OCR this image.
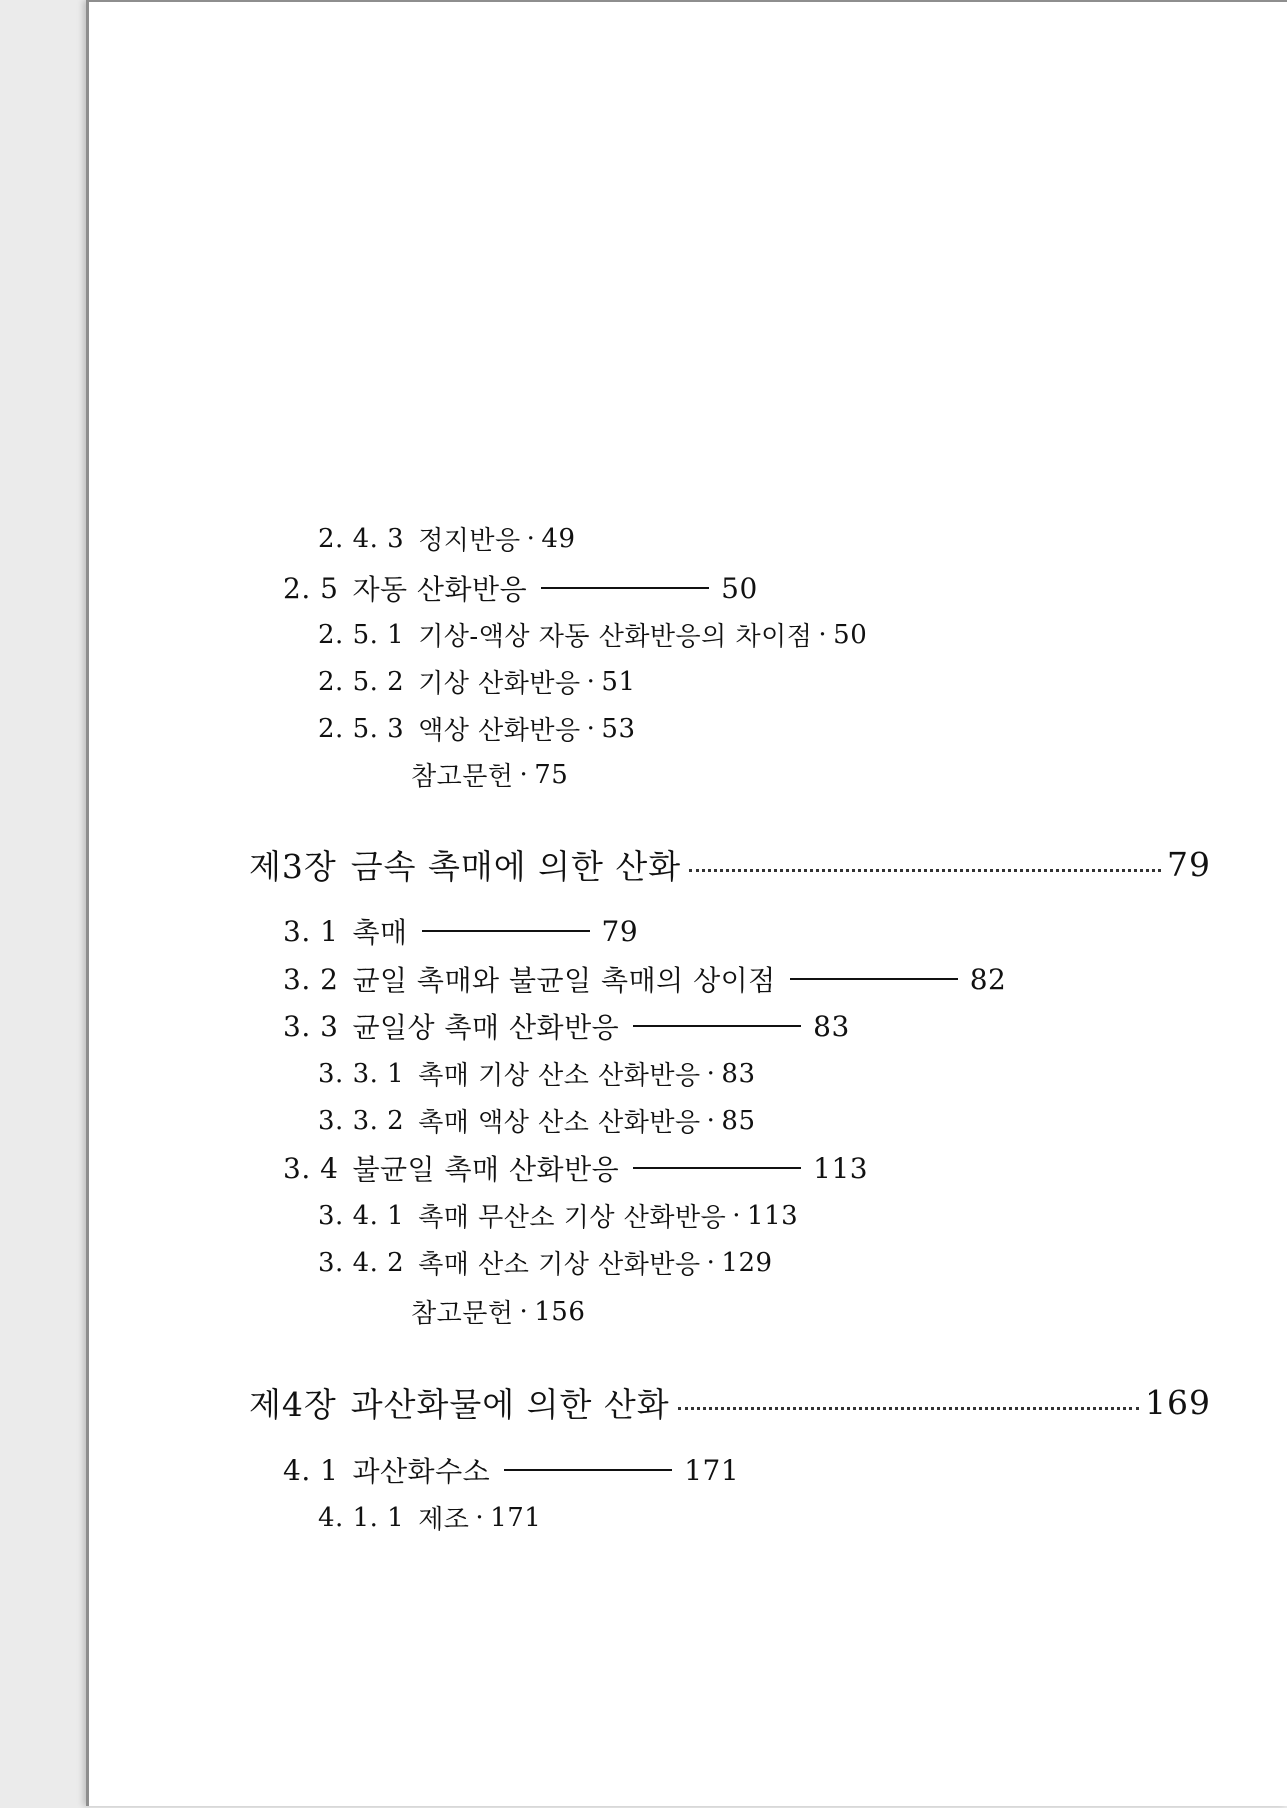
2. 4. 3 정지반응 · 49
2. 5 자동 산화반응	50
2. 5. 1 기상-액상 자동 산화반응의 차이점 · 50
2. 5. 2 기상 산화반응 · 51
2. 5. 3 액상 산화반응 · 53
참고문헌 · 75
제3장 금속 촉매에 의한 산화	79
3. 1 촉매	79
3. 2 균일 촉매와 불균일 촉매의 상이점	82
3. 3 균일상 촉매 산화반응	83
3. 3. 1 촉매 기상 산소 산화반응 · 83
3. 3. 2 촉매 액상 산소 산화반응 · 85
3. 4 불균일 촉매 산화반응	113
3. 4. 1 촉매 무산소 기상 산화반응 · 113
3. 4. 2 촉매 산소 기상 산화반응 · 129
참고문헌 · 156
제4장 과산화물에 의한 산화	169
4. 1 과산화수소	171
4. 1. 1 제조 · 171
